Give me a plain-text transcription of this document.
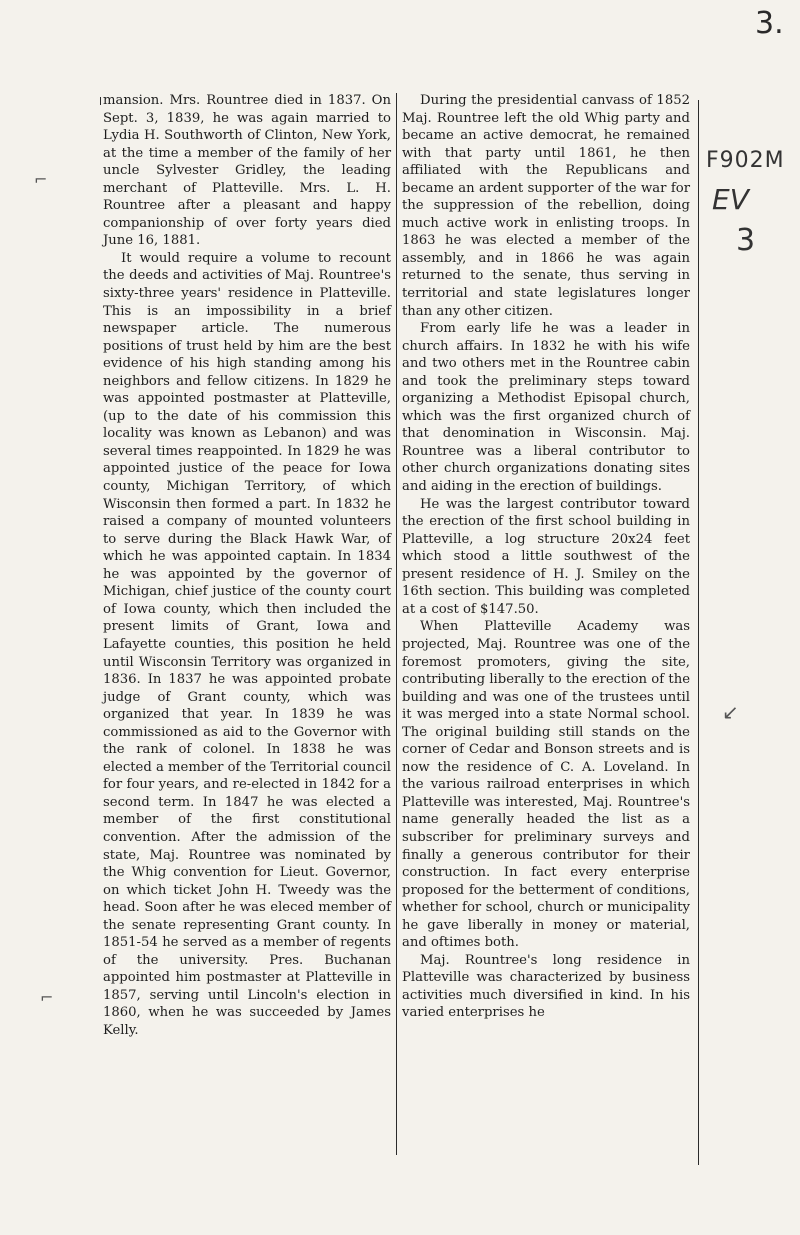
3.
F902M
EV
3
⌐
⌐
↙

mansion. Mrs. Rountree died in 1837. On Sept. 3, 1839, he was again married to Lydia H. Southworth of Clinton, New York, at the time a member of the family of her uncle Sylvester Gridley, the leading merchant of Platteville. Mrs. L. H. Rountree after a pleasant and happy companionship of over forty years died June 16, 1881.

It would require a volume to recount the deeds and activities of Maj. Rountree's sixty-three years' residence in Platteville. This is an impossibility in a brief newspaper article. The numerous positions of trust held by him are the best evidence of his high standing among his neighbors and fellow citizens. In 1829 he was appointed postmaster at Platteville, (up to the date of his commission this locality was known as Lebanon) and was several times reappointed. In 1829 he was appointed justice of the peace for Iowa county, Michigan Territory, of which Wisconsin then formed a part. In 1832 he raised a company of mounted volunteers to serve during the Black Hawk War, of which he was appointed captain. In 1834 he was appointed by the governor of Michigan, chief justice of the county court of Iowa county, which then included the present limits of Grant, Iowa and Lafayette counties, this position he held until Wisconsin Territory was organized in 1836. In 1837 he was appointed probate judge of Grant county, which was organized that year. In 1839 he was commissioned as aid to the Governor with the rank of colonel. In 1838 he was elected a member of the Territorial council for four years, and re-elected in 1842 for a second term. In 1847 he was elected a member of the first constitutional convention. After the admission of the state, Maj. Rountree was nominated by the Whig convention for Lieut. Governor, on which ticket John H. Tweedy was the head. Soon after he was eleced member of the senate representing Grant county. In 1851-54 he served as a member of regents of the university. Pres. Buchanan appointed him postmaster at Platteville in 1857, serving until Lincoln's election in 1860, when he was succeeded by James Kelly.

During the presidential canvass of 1852 Maj. Rountree left the old Whig party and became an active democrat, he remained with that party until 1861, he then affiliated with the Republicans and became an ardent supporter of the war for the suppression of the rebellion, doing much active work in enlisting troops. In 1863 he was elected a member of the assembly, and in 1866 he was again returned to the senate, thus serving in territorial and state legislatures longer than any other citizen.

From early life he was a leader in church affairs. In 1832 he with his wife and two others met in the Rountree cabin and took the preliminary steps toward organizing a Methodist Episopal church, which was the first organized church of that denomination in Wisconsin. Maj. Rountree was a liberal contributor to other church organizations donating sites and aiding in the erection of buildings.

He was the largest contributor toward the erection of the first school building in Platteville, a log structure 20x24 feet which stood a little southwest of the present residence of H. J. Smiley on the 16th section. This building was completed at a cost of $147.50.

When Platteville Academy was projected, Maj. Rountree was one of the foremost promoters, giving the site, contributing liberally to the erection of the building and was one of the trustees until it was merged into a state Normal school. The original building still stands on the corner of Cedar and Bonson streets and is now the residence of C. A. Loveland. In the various railroad enterprises in which Platteville was interested, Maj. Rountree's name generally headed the list as a subscriber for preliminary surveys and finally a generous contributor for their construction. In fact every enterprise proposed for the betterment of conditions, whether for school, church or municipality he gave liberally in money or material, and oftimes both.

Maj. Rountree's long residence in Platteville was characterized by business activities much diversified in kind. In his varied enterprises he
